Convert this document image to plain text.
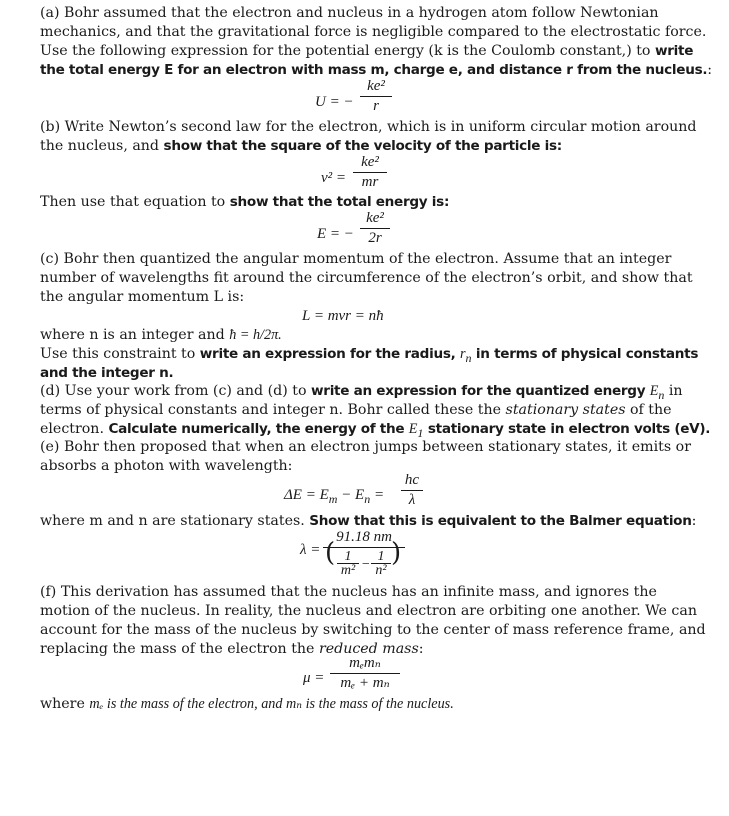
(a) Bohr assumed that the electron and nucleus in a hydrogen atom follow Newtonian
mechanics, and that the gravitational force is negligible compared to the electrostatic force.
Use the following expression for the potential energy (k is the Coulomb constant,) to write
the total energy E for an electron with mass m, charge e, and distance r from the nucleus.:
U = −
ke²
r
(b) Write Newton’s second law for the electron, which is in uniform circular motion around
the nucleus, and show that the square of the velocity of the particle is:
v² =
ke²
mr
Then use that equation to show that the total energy is:
E = −
ke²
2r
(c) Bohr then quantized the angular momentum of the electron. Assume that an integer
number of wavelengths fit around the circumference of the electron’s orbit, and show that
the angular momentum L is:
L = mvr = nħ
where n is an integer and ħ = h/2π.
Use this constraint to write an expression for the radius, $r_n$ in terms of physical constants
and the integer n.
(d) Use your work from (c) and (d) to write an expression for the quantized energy $E_n$ in
terms of physical constants and integer n. Bohr called these the stationary states of the
electron. Calculate numerically, the energy of the $E_1$ stationary state in electron volts (eV).
(e) Bohr then proposed that when an electron jumps between stationary states, it emits or
absorbs a photon with wavelength:
$\Delta E = E_m - E_n$ =
hc
λ
where m and n are stationary states. Show that this is equivalent to the Balmer equation:
λ =
91.18 nm
( 1
m² −
1
n²
)
(f) This derivation has assumed that the nucleus has an infinite mass, and ignores the
motion of the nucleus. In reality, the nucleus and electron are orbiting one another. We can
account for the mass of the nucleus by switching to the center of mass reference frame, and
replacing the mass of the electron the reduced mass:
μ =
mₑmₙ
mₑ + mₙ
where mₑ is the mass of the electron, and mₙ is the mass of the nucleus.
